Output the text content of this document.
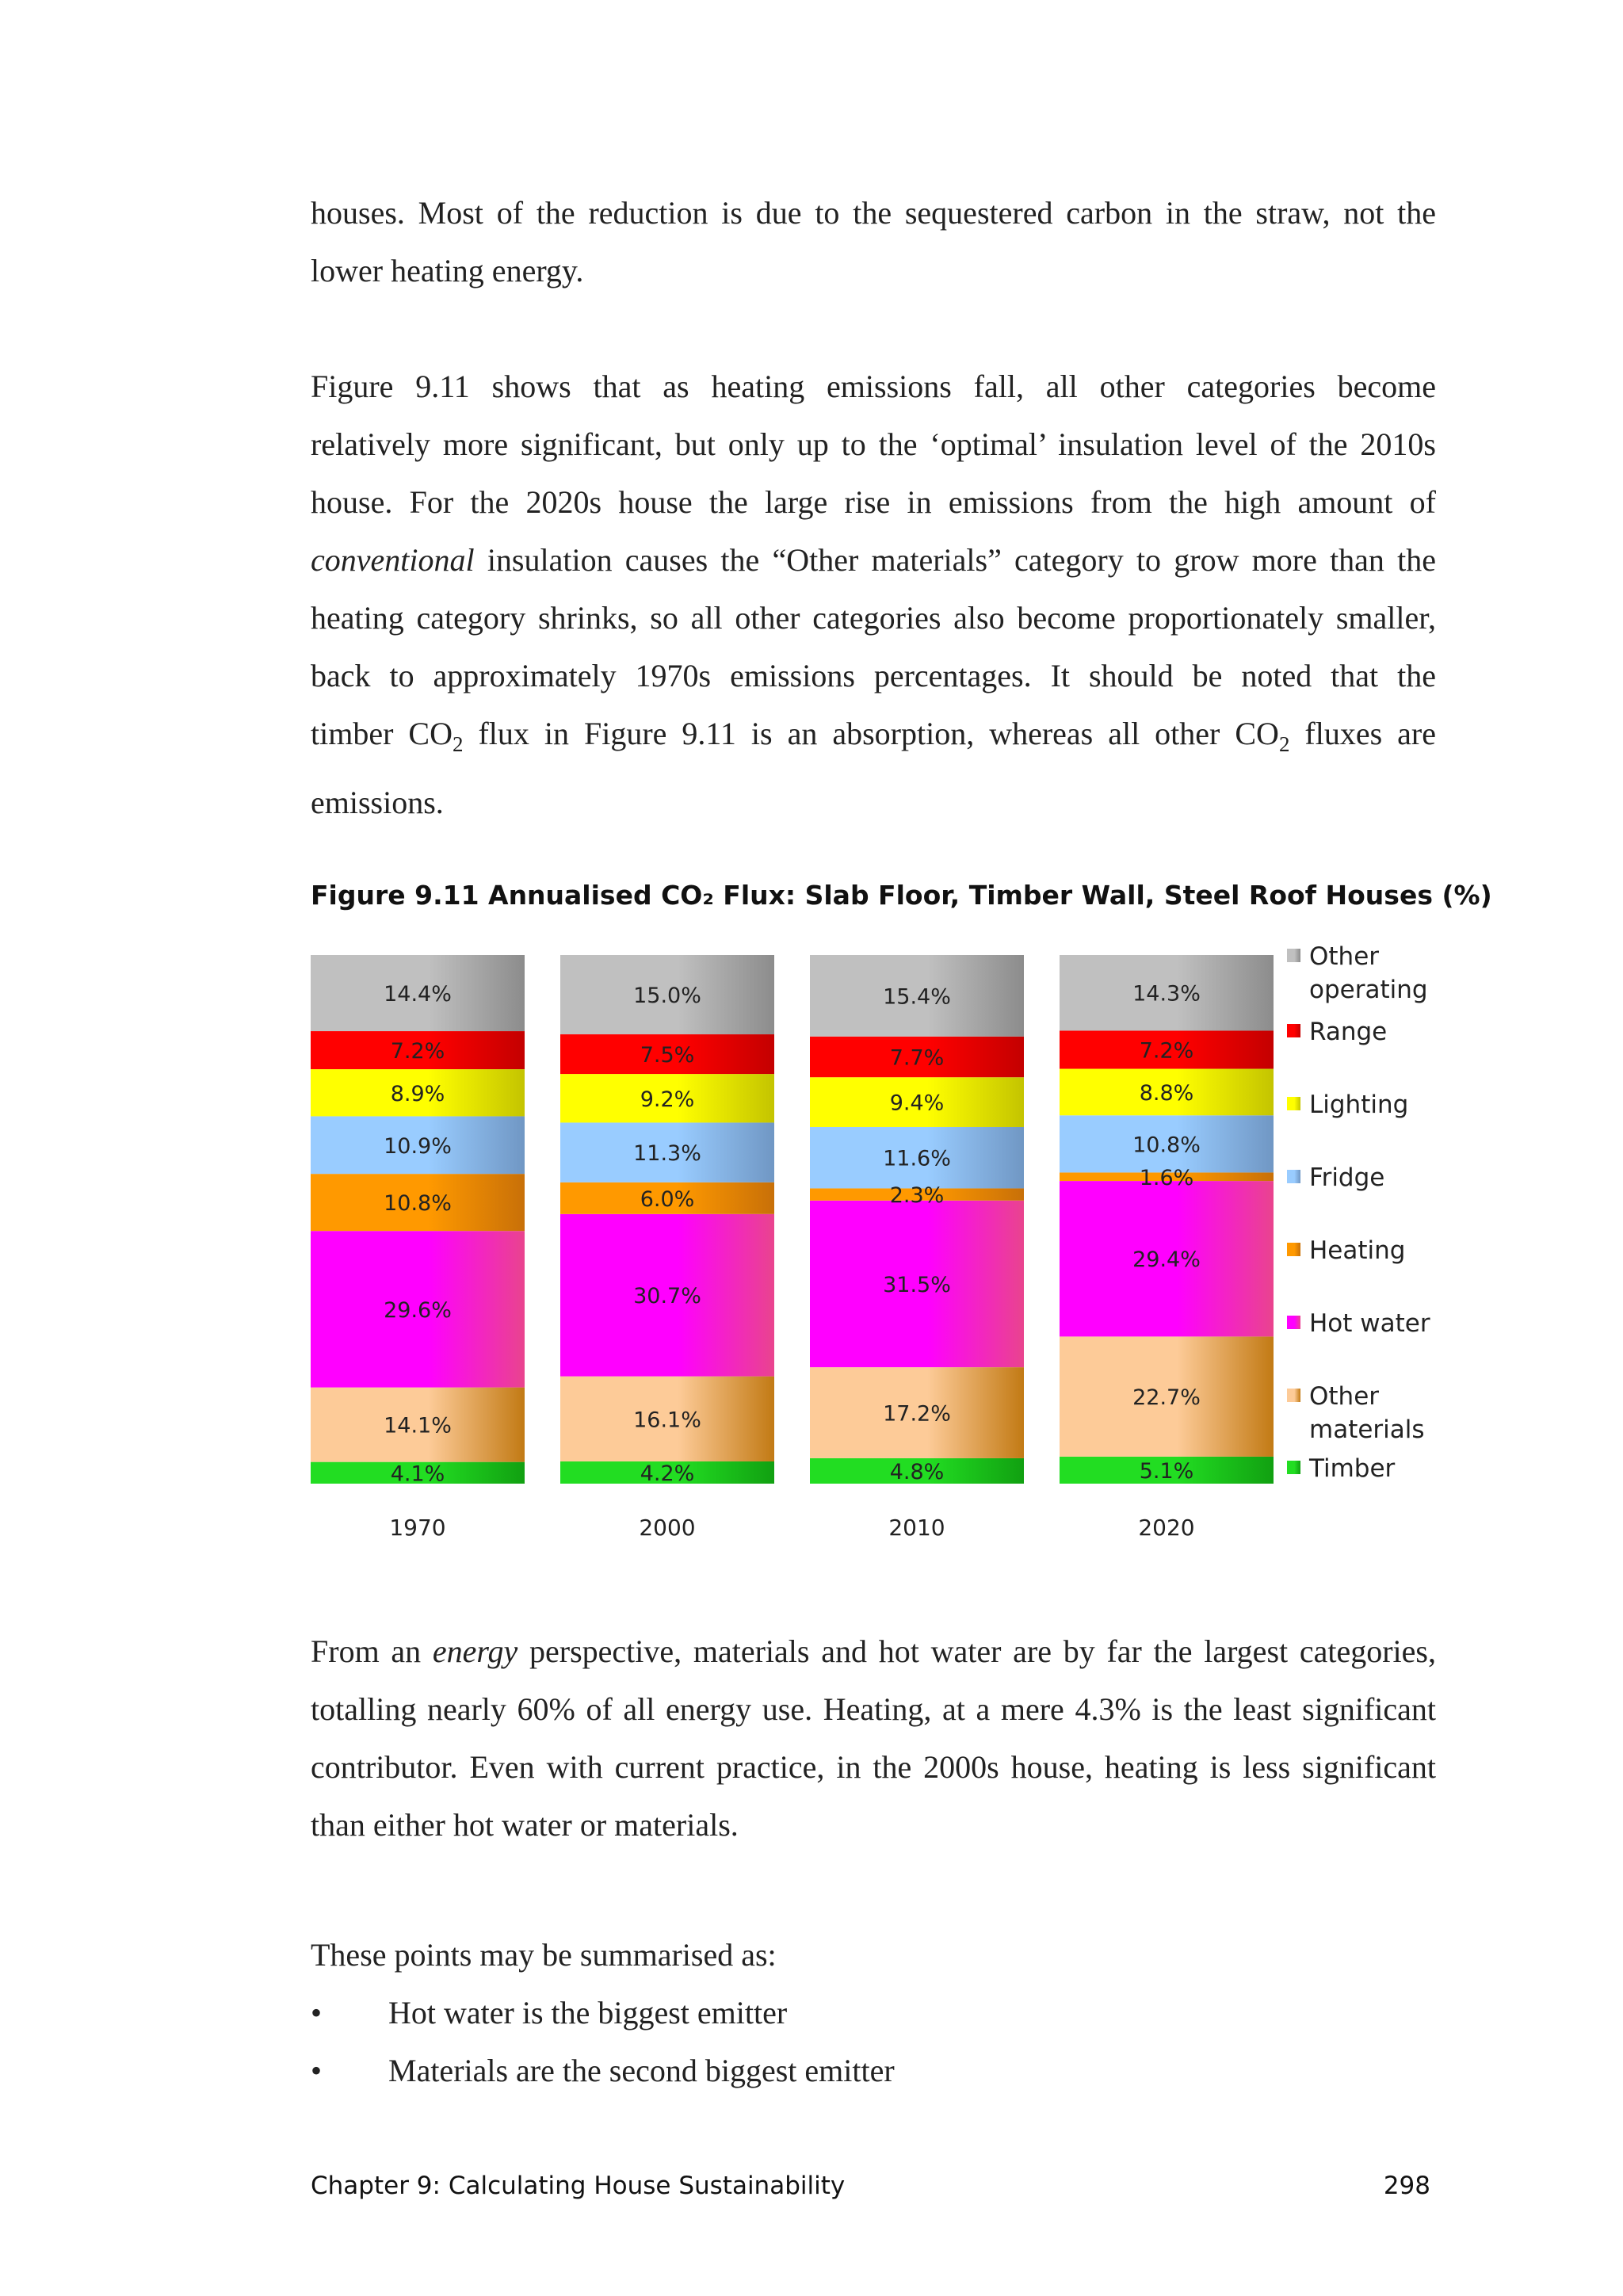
houses. Most of the reduction is due to the sequestered carbon in the straw, not the
lower heating energy.
Figure 9.11 shows that as heating emissions fall, all other categories become
relatively more significant, but only up to the ‘optimal’ insulation level of the 2010s
house. For the 2020s house the large rise in emissions from the high amount of
conventional insulation causes the “Other materials” category to grow more than the
heating category shrinks, so all other categories also become proportionately smaller,
back to approximately 1970s emissions percentages. It should be noted that the
timber $CO_2$ flux in Figure 9.11 is an absorption, whereas all other $CO_2$ fluxes are
emissions.
Figure 9.11 Annualised CO₂ Flux: Slab Floor, Timber Wall, Steel Roof Houses (%)
4.1%
14.1%
29.6%
10.8%
10.9%
8.9%
7.2%
14.4%
4.2%
16.1%
30.7%
6.0%
11.3%
9.2%
7.5%
15.0%
4.8%
17.2%
31.5%
2.3%
11.6%
9.4%
7.7%
15.4%
5.1%
22.7%
29.4%
1.6%
10.8%
8.8%
7.2%
14.3%
1970	2000	2010	2020
Other
operating
Range
Lighting
Fridge
Heating
Hot water
Other
materials
Timber
From an energy perspective, materials and hot water are by far the largest categories,
totalling nearly 60% of all energy use. Heating, at a mere 4.3% is the least significant
contributor. Even with current practice, in the 2000s house, heating is less significant
than either hot water or materials.
These points may be summarised as:
• Hot water is the biggest emitter
• Materials are the second biggest emitter
Chapter 9: Calculating House Sustainability	298
